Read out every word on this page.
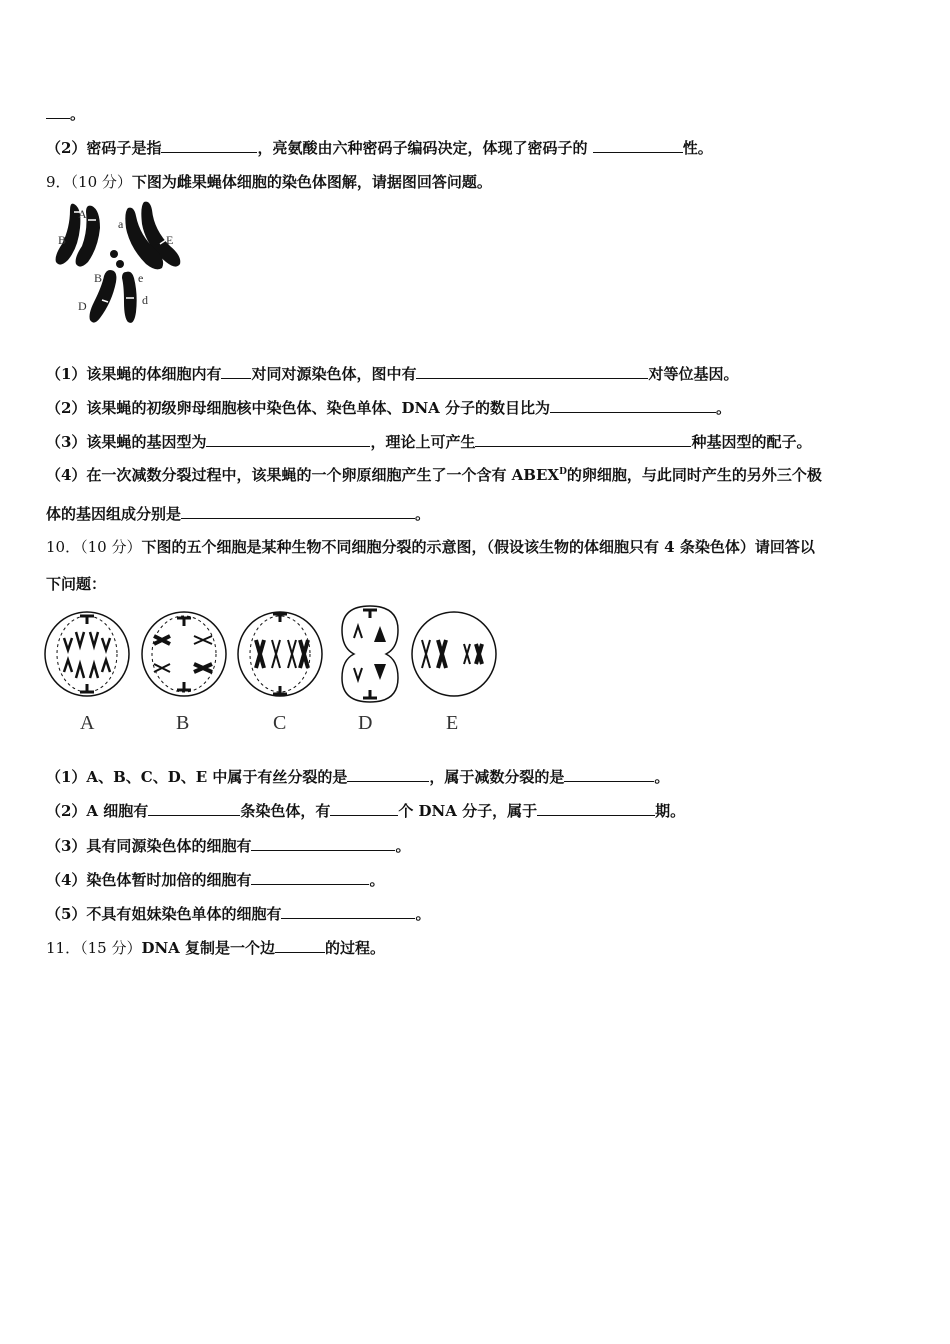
。
（2）密码子是指	，亮氨酸由六种密码子编码决定，体现了密码子的	性。
9．（10 分）下图为雌果蝇体细胞的染色体图解，请据图回答问题。
A
a
B	E
B	e
D	d
（1）该果蝇的体细胞内有 对同对源染色体，图中有	对等位基因。
（2）该果蝇的初级卵母细胞核中染色体、染色单体、DNA 分子的数目比为	。
（3）该果蝇的基因型为	，理论上可产生	种基因型的配子。
（4）在一次减数分裂过程中，该果蝇的一个卵原细胞产生了一个含有 $ABEX^D$的卵细胞，与此同时产生的另外三个极
体的基因组成分别是	。
10．（10 分）下图的五个细胞是某种生物不同细胞分裂的示意图，（假设该生物的体细胞只有 4 条染色体）请回答以
下问题：
A	B	C	D	E
（1）A、B、C、D、E 中属于有丝分裂的是	，属于减数分裂的是	。
（2）A 细胞有	条染色体，有	个 DNA 分子，属于	期。
（3）具有同源染色体的细胞有	。
（4）染色体暂时加倍的细胞有	。
（5）不具有姐妹染色单体的细胞有	。
11．（15 分）DNA 复制是一个边	的过程。
